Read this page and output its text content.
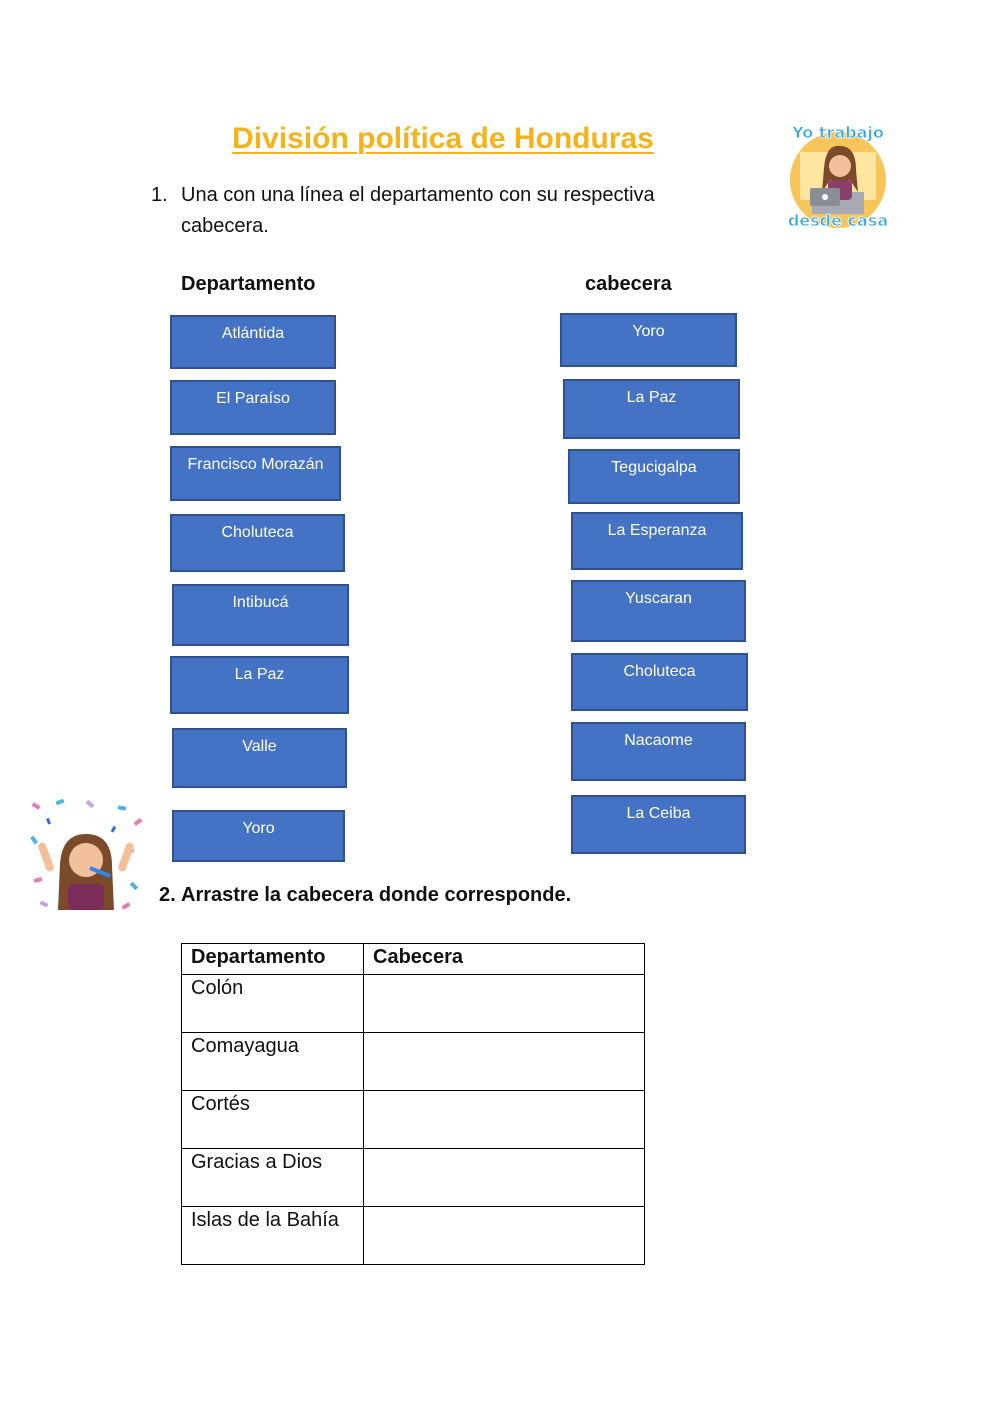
División política de Honduras	Yo trabajo
desde casa
1. Una con una línea el departamento con su respectiva cabecera.
Departamento	cabecera
Atlántida
El Paraíso
Francisco Morazán
Choluteca
Intibucá
La Paz
Valle
Yoro
Yoro
La Paz
Tegucigalpa
La Esperanza
Yuscaran
Choluteca
Nacaome
La Ceiba
2. Arrastre la cabecera donde corresponde.
Departamento	Cabecera
Colón	
Comayagua	
Cortés	
Gracias a Dios	
Islas de la Bahía	
